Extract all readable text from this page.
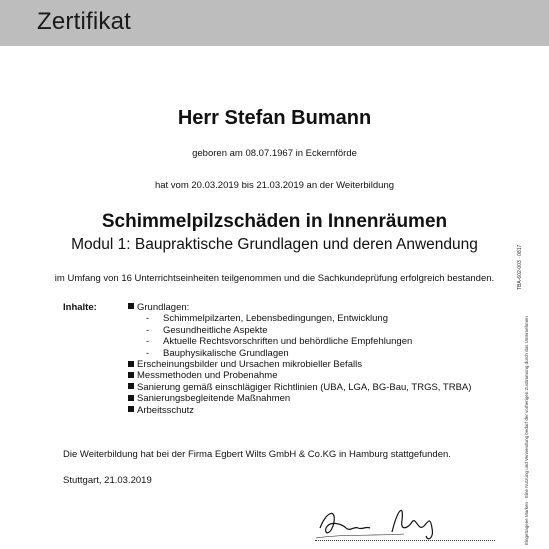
Zertifikat
Herr Stefan Bumann
geboren am 08.07.1967 in Eckernförde
hat vom 20.03.2019 bis 21.03.2019 an der Weiterbildung
Schimmelpilzschäden in Innenräumen
Modul 1: Baupraktische Grundlagen und deren Anwendung
im Umfang von 16 Unterrichtseinheiten teilgenommen und die Sachkundeprüfung erfolgreich bestanden.
Inhalte:	Grundlagen:
- Schimmelpilzarten, Lebensbedingungen, Entwicklung
- Gesundheitliche Aspekte
- Aktuelle Rechtsvorschriften und behördliche Empfehlungen
- Bauphysikalische Grundlagen
Erscheinungsbilder und Ursachen mikrobieller Befalls
Messmethoden und Probenahme
Sanierung gemäß einschlägiger Richtlinien (UBA, LGA, BG-Bau, TRGS, TRBA)
Sanierungsbegleitende Maßnahmen
Arbeitsschutz
Die Weiterbildung hat bei der Firma Egbert Wilts GmbH & Co.KG in Hamburg stattgefunden.
Stuttgart, 21.03.2019
TBA-602-003 · 0817
Eingetragene Marken · Eine Nutzung und Verwendung bedarf der vorherigen Zustimmung durch das Unternehmen
